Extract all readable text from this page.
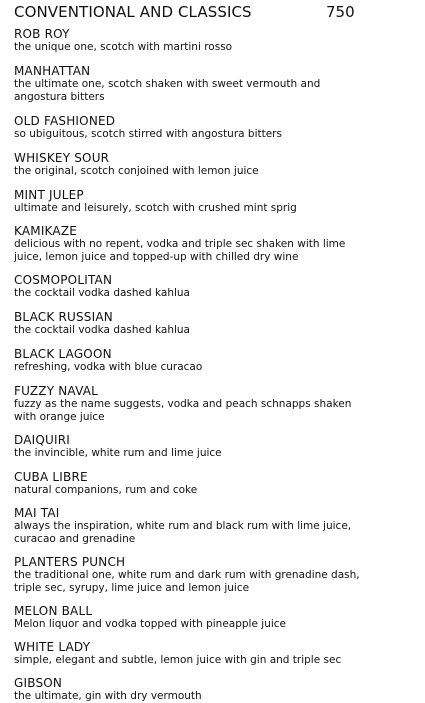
CONVENTIONAL AND CLASSICS	750
ROB ROY
the unique one, scotch with martini rosso
MANHATTAN
the ultimate one, scotch shaken with sweet vermouth and angostura bitters
OLD FASHIONED
so ubiguitous, scotch stirred with angostura bitters
WHISKEY SOUR
the original, scotch conjoined with lemon juice
MINT JULEP
ultimate and leisurely, scotch with crushed mint sprig
KAMIKAZE
delicious with no repent, vodka and triple sec shaken with lime juice, lemon juice and topped-up with chilled dry wine
COSMOPOLITAN
the cocktail vodka dashed kahlua
BLACK RUSSIAN
the cocktail vodka dashed kahlua
BLACK LAGOON
refreshing, vodka with blue curacao
FUZZY NAVAL
fuzzy as the name suggests, vodka and peach schnapps shaken with orange juice
DAIQUIRI
the invincible, white rum and lime juice
CUBA LIBRE
natural companions, rum and coke
MAI TAI
always the inspiration, white rum and black rum with lime juice, curacao and grenadine
PLANTERS PUNCH
the traditional one, white rum and dark rum with grenadine dash, triple sec, syrupy, lime juice and lemon juice
MELON BALL
Melon liquor and vodka topped with pineapple juice
WHITE LADY
simple, elegant and subtle, lemon juice with gin and triple sec
GIBSON
the ultimate, gin with dry vermouth
